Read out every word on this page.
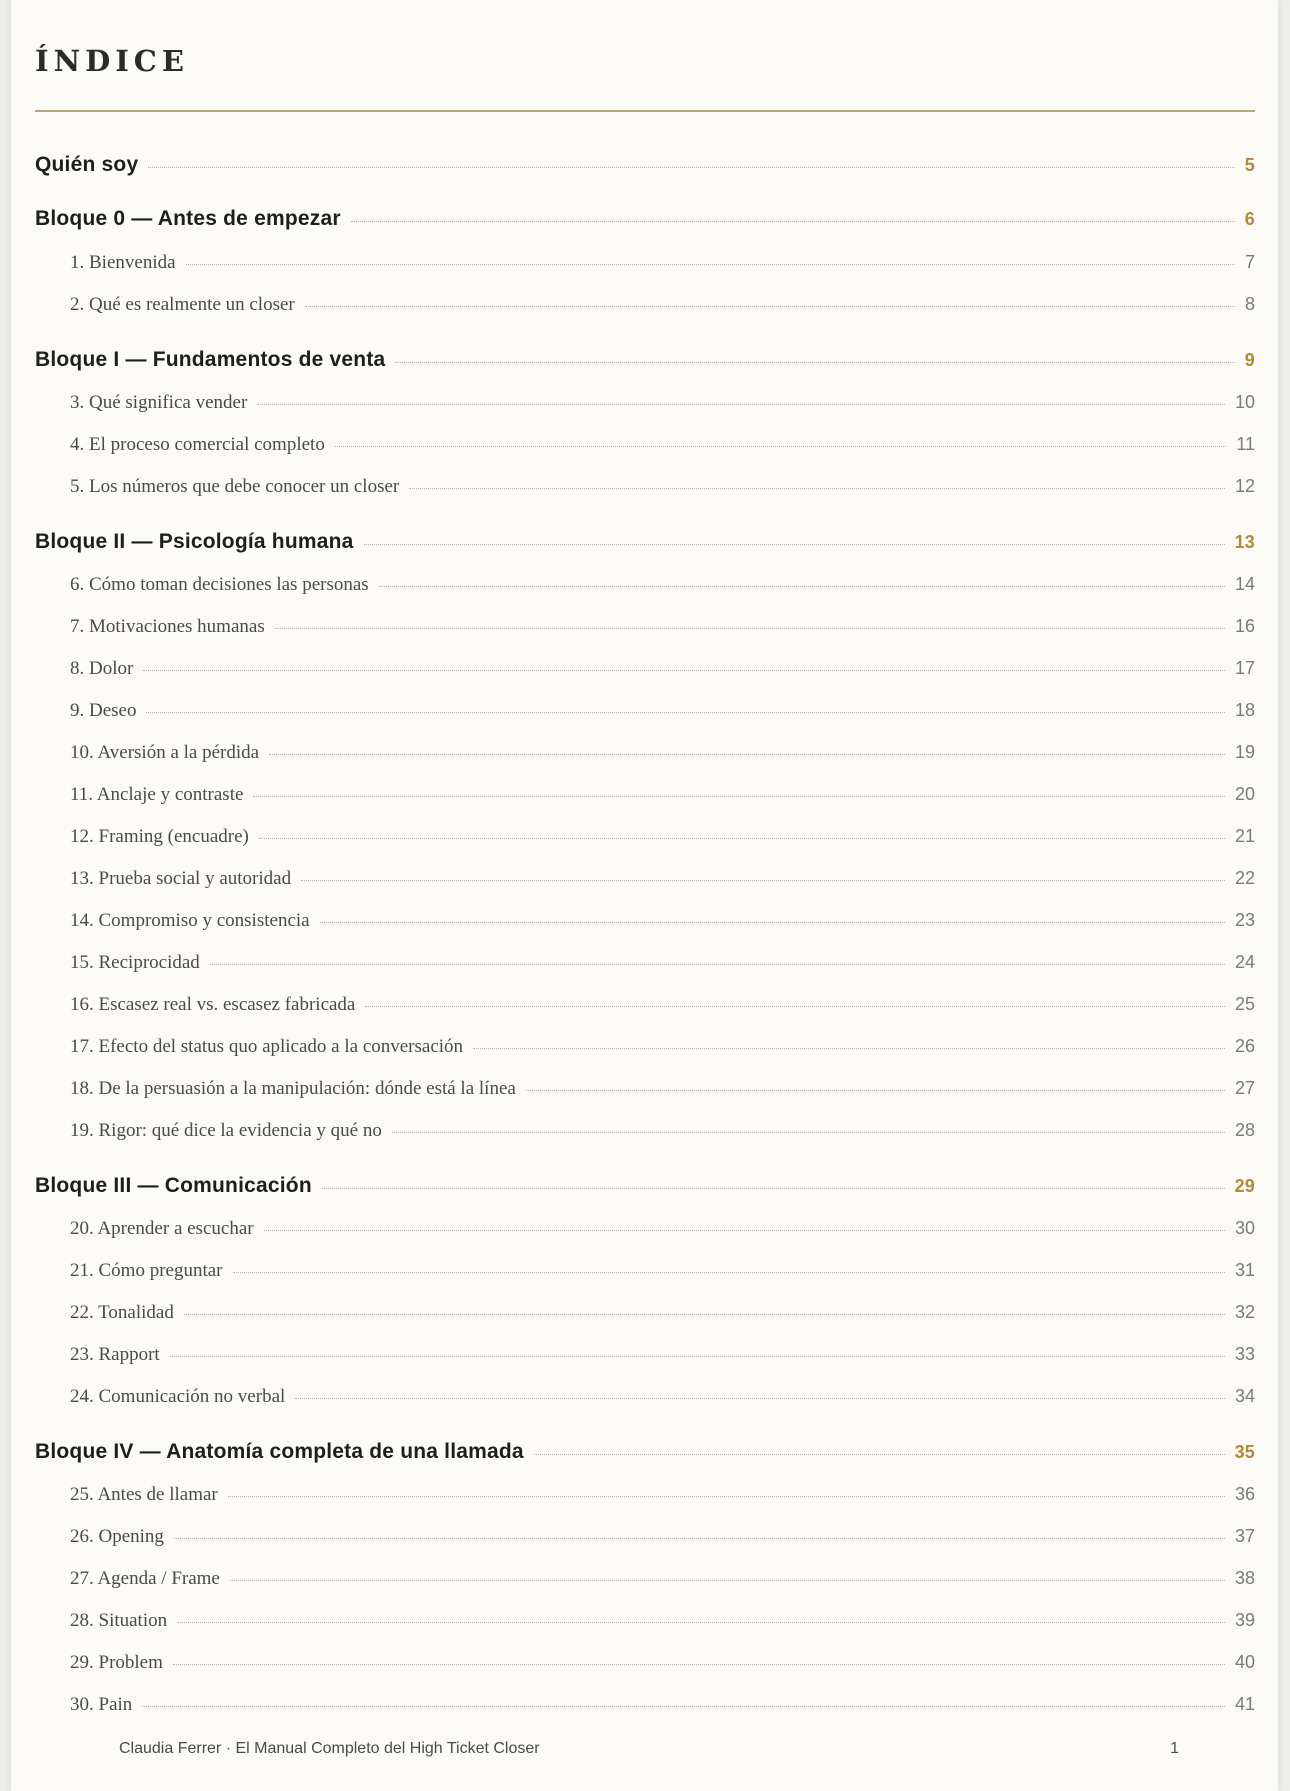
ÍNDICE
Quién soy	5
Bloque 0 — Antes de empezar	6
1. Bienvenida	7
2. Qué es realmente un closer	8
Bloque I — Fundamentos de venta	9
3. Qué significa vender	10
4. El proceso comercial completo	11
5. Los números que debe conocer un closer	12
Bloque II — Psicología humana	13
6. Cómo toman decisiones las personas	14
7. Motivaciones humanas	16
8. Dolor	17
9. Deseo	18
10. Aversión a la pérdida	19
11. Anclaje y contraste	20
12. Framing (encuadre)	21
13. Prueba social y autoridad	22
14. Compromiso y consistencia	23
15. Reciprocidad	24
16. Escasez real vs. escasez fabricada	25
17. Efecto del status quo aplicado a la conversación	26
18. De la persuasión a la manipulación: dónde está la línea	27
19. Rigor: qué dice la evidencia y qué no	28
Bloque III — Comunicación	29
20. Aprender a escuchar	30
21. Cómo preguntar	31
22. Tonalidad	32
23. Rapport	33
24. Comunicación no verbal	34
Bloque IV — Anatomía completa de una llamada	35
25. Antes de llamar	36
26. Opening	37
27. Agenda / Frame	38
28. Situation	39
29. Problem	40
30. Pain	41
Claudia Ferrer · El Manual Completo del High Ticket Closer	1
